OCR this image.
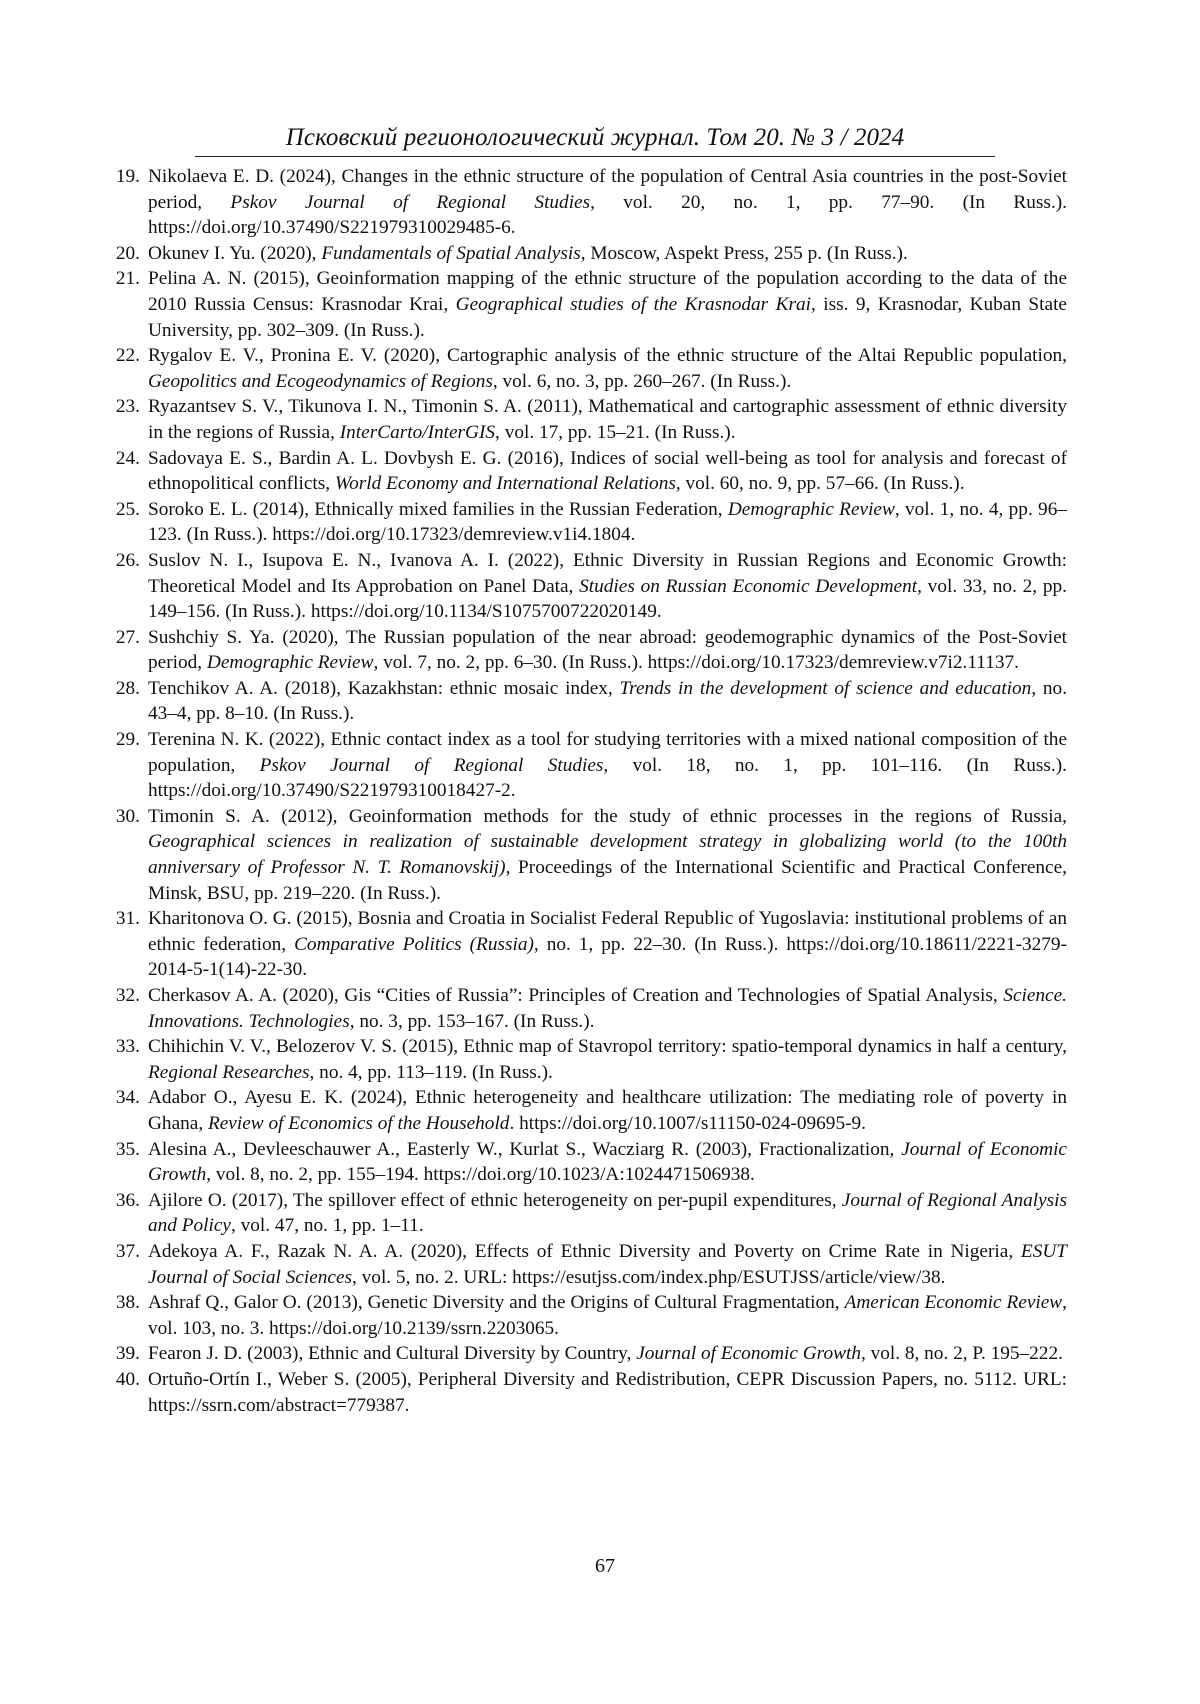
Псковский регионологический журнал. Том 20. № 3 / 2024
19. Nikolaeva E. D. (2024), Changes in the ethnic structure of the population of Central Asia countries in the post-Soviet period, Pskov Journal of Regional Studies, vol. 20, no. 1, pp. 77–90. (In Russ.). https://doi.org/10.37490/S221979310029485-6.
20. Okunev I. Yu. (2020), Fundamentals of Spatial Analysis, Moscow, Aspekt Press, 255 p. (In Russ.).
21. Pelina A. N. (2015), Geoinformation mapping of the ethnic structure of the population according to the data of the 2010 Russia Census: Krasnodar Krai, Geographical studies of the Krasnodar Krai, iss. 9, Krasnodar, Kuban State University, pp. 302–309. (In Russ.).
22. Rygalov E. V., Pronina E. V. (2020), Cartographic analysis of the ethnic structure of the Altai Republic population, Geopolitics and Ecogeodynamics of Regions, vol. 6, no. 3, pp. 260–267. (In Russ.).
23. Ryazantsev S. V., Tikunova I. N., Timonin S. A. (2011), Mathematical and cartographic assessment of ethnic diversity in the regions of Russia, InterCarto/InterGIS, vol. 17, pp. 15–21. (In Russ.).
24. Sadovaya E. S., Bardin A. L. Dovbysh E. G. (2016), Indices of social well-being as tool for analysis and forecast of ethnopolitical conflicts, World Economy and International Relations, vol. 60, no. 9, pp. 57–66. (In Russ.).
25. Soroko E. L. (2014), Ethnically mixed families in the Russian Federation, Demographic Review, vol. 1, no. 4, pp. 96–123. (In Russ.). https://doi.org/10.17323/demreview.v1i4.1804.
26. Suslov N. I., Isupova E. N., Ivanova A. I. (2022), Ethnic Diversity in Russian Regions and Economic Growth: Theoretical Model and Its Approbation on Panel Data, Studies on Russian Economic Development, vol. 33, no. 2, pp. 149–156. (In Russ.). https://doi.org/10.1134/S1075700722020149.
27. Sushchiy S. Ya. (2020), The Russian population of the near abroad: geodemographic dynamics of the Post-Soviet period, Demographic Review, vol. 7, no. 2, pp. 6–30. (In Russ.). https://doi.org/10.17323/demreview.v7i2.11137.
28. Tenchikov A. A. (2018), Kazakhstan: ethnic mosaic index, Trends in the development of science and education, no. 43–4, pp. 8–10. (In Russ.).
29. Terenina N. K. (2022), Ethnic contact index as a tool for studying territories with a mixed national composition of the population, Pskov Journal of Regional Studies, vol. 18, no. 1, pp. 101–116. (In Russ.). https://doi.org/10.37490/S221979310018427-2.
30. Timonin S. A. (2012), Geoinformation methods for the study of ethnic processes in the regions of Russia, Geographical sciences in realization of sustainable development strategy in globalizing world (to the 100th anniversary of Professor N. T. Romanovskij), Proceedings of the International Scientific and Practical Conference, Minsk, BSU, pp. 219–220. (In Russ.).
31. Kharitonova O. G. (2015), Bosnia and Croatia in Socialist Federal Republic of Yugoslavia: institutional problems of an ethnic federation, Comparative Politics (Russia), no. 1, pp. 22–30. (In Russ.). https://doi.org/10.18611/2221-3279-2014-5-1(14)-22-30.
32. Cherkasov A. A. (2020), Gis “Cities of Russia”: Principles of Creation and Technologies of Spatial Analysis, Science. Innovations. Technologies, no. 3, pp. 153–167. (In Russ.).
33. Chihichin V. V., Belozerov V. S. (2015), Ethnic map of Stavropol territory: spatio-temporal dynamics in half a century, Regional Researches, no. 4, pp. 113–119. (In Russ.).
34. Adabor O., Ayesu E. K. (2024), Ethnic heterogeneity and healthcare utilization: The mediating role of poverty in Ghana, Review of Economics of the Household. https://doi.org/10.1007/s11150-024-09695-9.
35. Alesina A., Devleeschauwer A., Easterly W., Kurlat S., Wacziarg R. (2003), Fractionalization, Journal of Economic Growth, vol. 8, no. 2, pp. 155–194. https://doi.org/10.1023/A:1024471506938.
36. Ajilore O. (2017), The spillover effect of ethnic heterogeneity on per-pupil expenditures, Journal of Regional Analysis and Policy, vol. 47, no. 1, pp. 1–11.
37. Adekoya A. F., Razak N. A. A. (2020), Effects of Ethnic Diversity and Poverty on Crime Rate in Nigeria, ESUT Journal of Social Sciences, vol. 5, no. 2. URL: https://esutjss.com/index.php/ESUTJSS/article/view/38.
38. Ashraf Q., Galor O. (2013), Genetic Diversity and the Origins of Cultural Fragmentation, American Economic Review, vol. 103, no. 3. https://doi.org/10.2139/ssrn.2203065.
39. Fearon J. D. (2003), Ethnic and Cultural Diversity by Country, Journal of Economic Growth, vol. 8, no. 2, P. 195–222.
40. Ortuño-Ortín I., Weber S. (2005), Peripheral Diversity and Redistribution, CEPR Discussion Papers, no. 5112. URL: https://ssrn.com/abstract=779387.
67
